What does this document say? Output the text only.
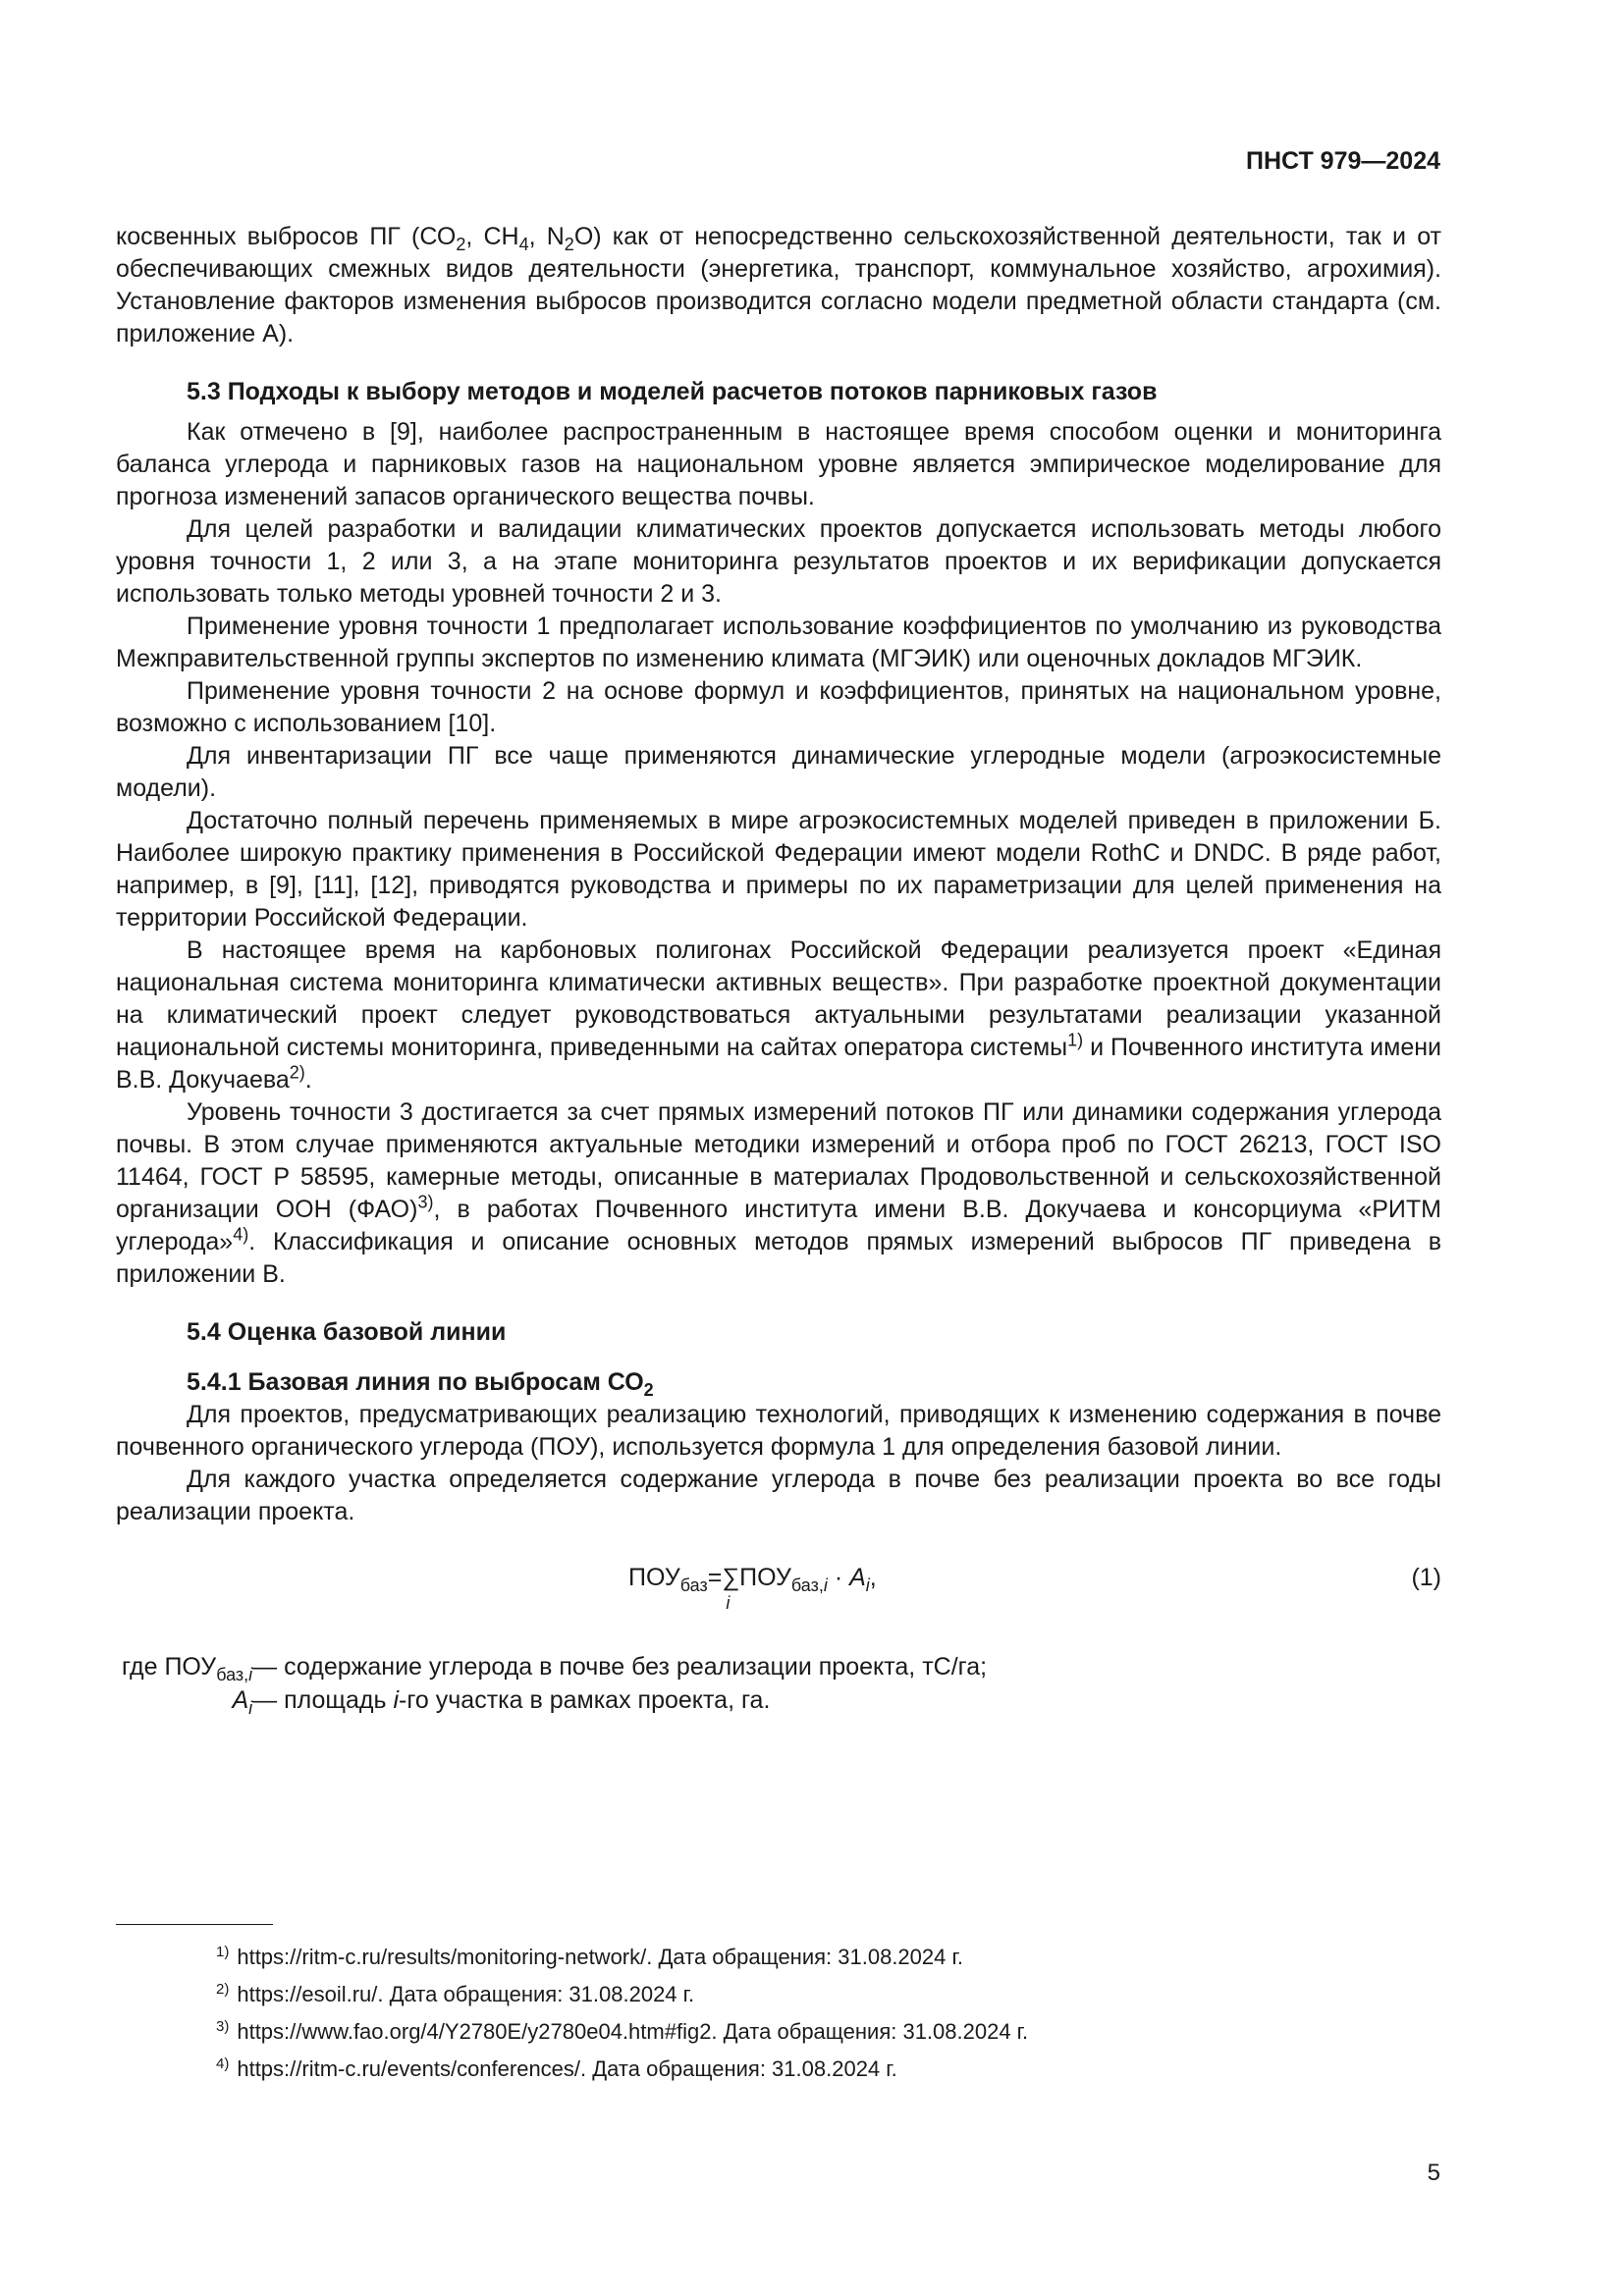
ПНСТ 979—2024

косвенных выбросов ПГ ($СО_2$, $СН_4$, $N_2O$) как от непосредственно сельскохозяйственной деятельности, так и от обеспечивающих смежных видов деятельности (энергетика, транспорт, коммунальное хозяйство, агрохимия). Установление факторов изменения выбросов производится согласно модели предметной области стандарта (см. приложение А).

5.3 Подходы к выбору методов и моделей расчетов потоков парниковых газов

Как отмечено в [9], наиболее распространенным в настоящее время способом оценки и мониторинга баланса углерода и парниковых газов на национальном уровне является эмпирическое моделирование для прогноза изменений запасов органического вещества почвы.

Для целей разработки и валидации климатических проектов допускается использовать методы любого уровня точности 1, 2 или 3, а на этапе мониторинга результатов проектов и их верификации допускается использовать только методы уровней точности 2 и 3.

Применение уровня точности 1 предполагает использование коэффициентов по умолчанию из руководства Межправительственной группы экспертов по изменению климата (МГЭИК) или оценочных докладов МГЭИК.

Применение уровня точности 2 на основе формул и коэффициентов, принятых на национальном уровне, возможно с использованием [10].

Для инвентаризации ПГ все чаще применяются динамические углеродные модели (агроэкосистемные модели).

Достаточно полный перечень применяемых в мире агроэкосистемных моделей приведен в приложении Б. Наиболее широкую практику применения в Российской Федерации имеют модели RothC и DNDC. В ряде работ, например, в [9], [11], [12], приводятся руководства и примеры по их параметризации для целей применения на территории Российской Федерации.

В настоящее время на карбоновых полигонах Российской Федерации реализуется проект «Единая национальная система мониторинга климатически активных веществ». При разработке проектной документации на климатический проект следует руководствоваться актуальными результатами реализации указанной национальной системы мониторинга, приведенными на сайтах оператора системы$^{1)}$ и Почвенного института имени В.В. Докучаева$^{2)}$.

Уровень точности 3 достигается за счет прямых измерений потоков ПГ или динамики содержания углерода почвы. В этом случае применяются актуальные методики измерений и отбора проб по ГОСТ 26213, ГОСТ ISO 11464, ГОСТ Р 58595, камерные методы, описанные в материалах Продовольственной и сельскохозяйственной организации ООН (ФАО)$^{3)}$, в работах Почвенного института имени В.В. Докучаева и консорциума «РИТМ углерода»$^{4)}$. Классификация и описание основных методов прямых измерений выбросов ПГ приведена в приложении В.

5.4 Оценка базовой линии
5.4.1 Базовая линия по выбросам $СО_2$

Для проектов, предусматривающих реализацию технологий, приводящих к изменению содержания в почве почвенного органического углерода (ПОУ), используется формула 1 для определения базовой линии.

Для каждого участка определяется содержание углерода в почве без реализации проекта во все годы реализации проекта.

$ПОУ_{баз}=\sum$
i
$ПОУ_{баз,i} \cdot A_i$,	(1)
где $ПОУ_{баз,i}$	— содержание углерода в почве без реализации проекта, тС/га;
$A_i$	— площадь i-го участка в рамках проекта, га.
$^{1)}$ https://ritm-c.ru/results/monitoring-network/. Дата обращения: 31.08.2024 г.
$^{2)}$ https://esoil.ru/. Дата обращения: 31.08.2024 г.
$^{3)}$ https://www.fao.org/4/Y2780E/y2780e04.htm#fig2. Дата обращения: 31.08.2024 г.
$^{4)}$ https://ritm-c.ru/events/conferences/. Дата обращения: 31.08.2024 г.
5
